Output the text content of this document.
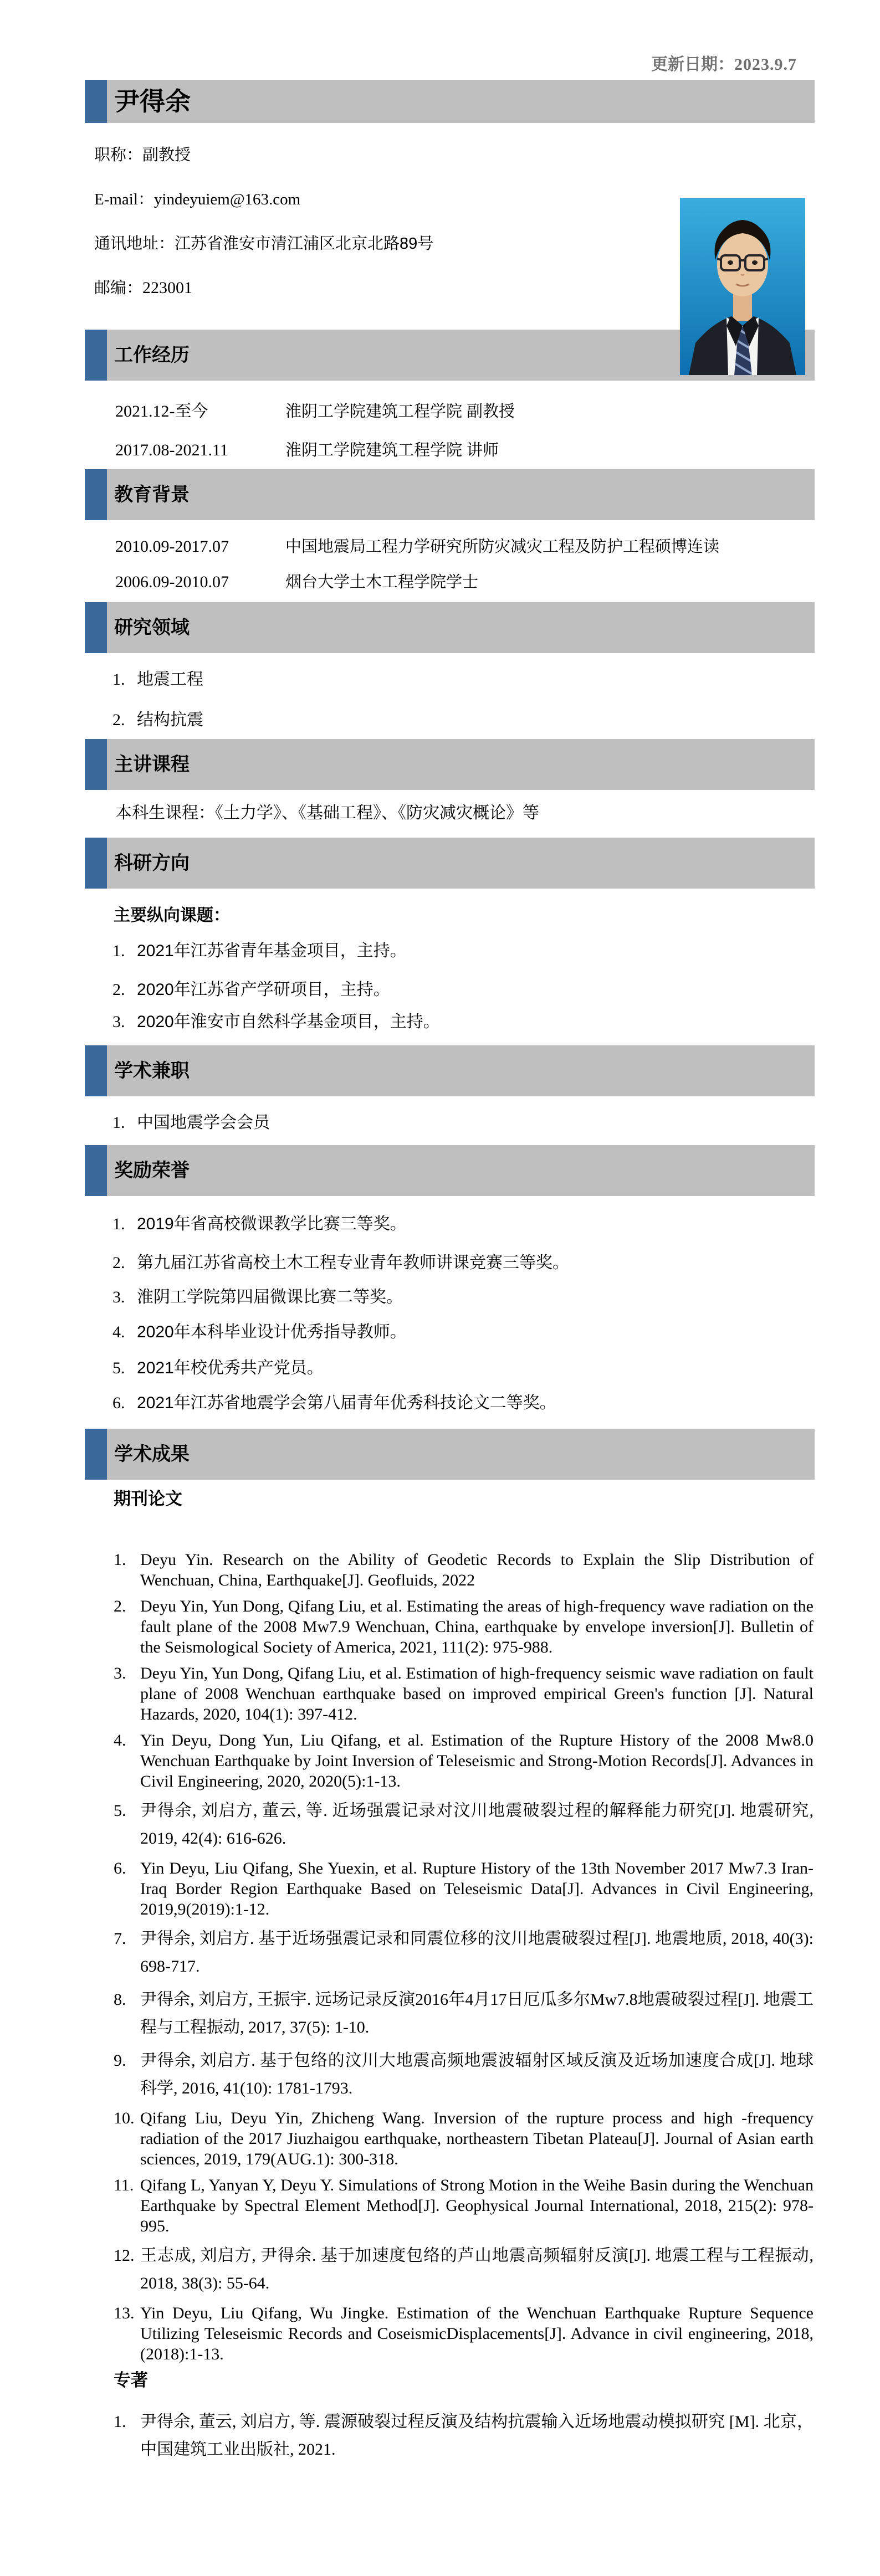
更新日期：2023.9.7
尹得余
职称：副教授
E-mail：yindeyuiem@163.com
通讯地址：江苏省淮安市清江浦区北京北路89号
邮编：223001
工作经历
2021.12-至今	淮阴工学院建筑工程学院 副教授
2017.08-2021.11	淮阴工学院建筑工程学院 讲师
教育背景
2010.09-2017.07	中国地震局工程力学研究所防灾减灾工程及防护工程硕博连读
2006.09-2010.07	烟台大学土木工程学院学士
研究领域
1. 地震工程
2. 结构抗震
主讲课程
本科生课程：《土力学》、《基础工程》、《防灾减灾概论》等
科研方向
主要纵向课题：
1. 2021年江苏省青年基金项目，主持。
2. 2020年江苏省产学研项目，主持。
3. 2020年淮安市自然科学基金项目，主持。
学术兼职
1. 中国地震学会会员
奖励荣誉
1. 2019年省高校微课教学比赛三等奖。
2. 第九届江苏省高校土木工程专业青年教师讲课竞赛三等奖。
3. 淮阴工学院第四届微课比赛二等奖。
4. 2020年本科毕业设计优秀指导教师。
5. 2021年校优秀共产党员。
6. 2021年江苏省地震学会第八届青年优秀科技论文二等奖。
学术成果
期刊论文
1. Deyu Yin. Research on the Ability of Geodetic Records to Explain the Slip Distribution of Wenchuan, China, Earthquake[J]. Geofluids, 2022
2. Deyu Yin, Yun Dong, Qifang Liu, et al. Estimating the areas of high-frequency wave radiation on the fault plane of the 2008 Mw7.9 Wenchuan, China, earthquake by envelope inversion[J]. Bulletin of the Seismological Society of America, 2021, 111(2): 975-988.
3. Deyu Yin, Yun Dong, Qifang Liu, et al. Estimation of high-frequency seismic wave radiation on fault plane of 2008 Wenchuan earthquake based on improved empirical Green's function [J]. Natural Hazards, 2020, 104(1): 397-412.
4. Yin Deyu, Dong Yun, Liu Qifang, et al. Estimation of the Rupture History of the 2008 Mw8.0 Wenchuan Earthquake by Joint Inversion of Teleseismic and Strong-Motion Records[J]. Advances in Civil Engineering, 2020, 2020(5):1-13.
5. 尹得余, 刘启方, 董云, 等. 近场强震记录对汶川地震破裂过程的解释能力研究[J]. 地震研究, 2019, 42(4): 616-626.
6. Yin Deyu, Liu Qifang, She Yuexin, et al. Rupture History of the 13th November 2017 Mw7.3 Iran-Iraq Border Region Earthquake Based on Teleseismic Data[J]. Advances in Civil Engineering, 2019,9(2019):1-12.
7. 尹得余, 刘启方. 基于近场强震记录和同震位移的汶川地震破裂过程[J]. 地震地质, 2018, 40(3): 698-717.
8. 尹得余, 刘启方, 王振宇. 远场记录反演2016年4月17日厄瓜多尔Mw7.8地震破裂过程[J]. 地震工程与工程振动, 2017, 37(5): 1-10.
9. 尹得余, 刘启方. 基于包络的汶川大地震高频地震波辐射区域反演及近场加速度合成[J]. 地球科学, 2016, 41(10): 1781-1793.
10. Qifang Liu, Deyu Yin, Zhicheng Wang. Inversion of the rupture process and high -frequency radiation of the 2017 Jiuzhaigou earthquake, northeastern Tibetan Plateau[J]. Journal of Asian earth sciences, 2019, 179(AUG.1): 300-318.
11. Qifang L, Yanyan Y, Deyu Y. Simulations of Strong Motion in the Weihe Basin during the Wenchuan Earthquake by Spectral Element Method[J]. Geophysical Journal International, 2018, 215(2): 978-995.
12. 王志成, 刘启方, 尹得余. 基于加速度包络的芦山地震高频辐射反演[J]. 地震工程与工程振动, 2018, 38(3): 55-64.
13. Yin Deyu, Liu Qifang, Wu Jingke. Estimation of the Wenchuan Earthquake Rupture Sequence Utilizing Teleseismic Records and CoseismicDisplacements[J]. Advance in civil engineering, 2018,(2018):1-13.
专著
1. 尹得余, 董云, 刘启方, 等. 震源破裂过程反演及结构抗震输入近场地震动模拟研究 [M]. 北京，中国建筑工业出版社, 2021.
